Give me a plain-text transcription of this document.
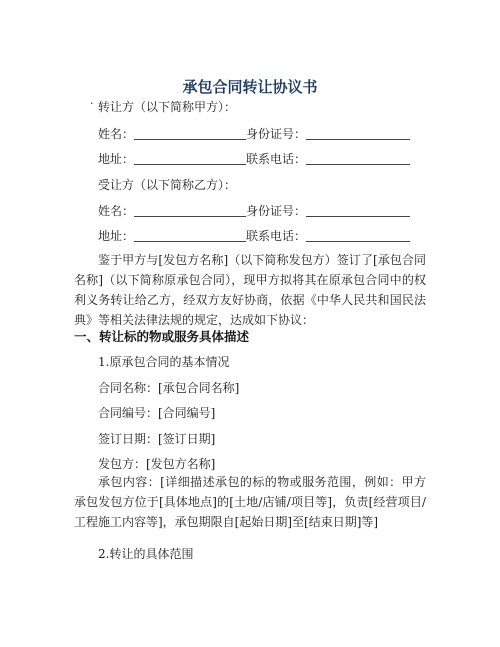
承包合同转让协议书
· 转让方（以下简称甲方）：
姓名：	身份证号：
地址：	联系电话：
受让方（以下简称乙方）：
姓名：	身份证号：
地址：	联系电话：
鉴于甲方与[发包方名称]（以下简称发包方）签订了[承包合同名称]（以下简称原承包合同），现甲方拟将其在原承包合同中的权利义务转让给乙方，经双方友好协商，依据《中华人民共和国民法典》等相关法律法规的规定，达成如下协议：
一、转让标的物或服务具体描述
1.原承包合同的基本情况
合同名称：[承包合同名称]
合同编号：[合同编号]
签订日期：[签订日期]
发包方：[发包方名称]
承包内容：[详细描述承包的标的物或服务范围，例如：甲方承包发包方位于[具体地点]的[土地/店铺/项目等]，负责[经营项目/工程施工内容等]，承包期限自[起始日期]至[结束日期]等]
2.转让的具体范围
